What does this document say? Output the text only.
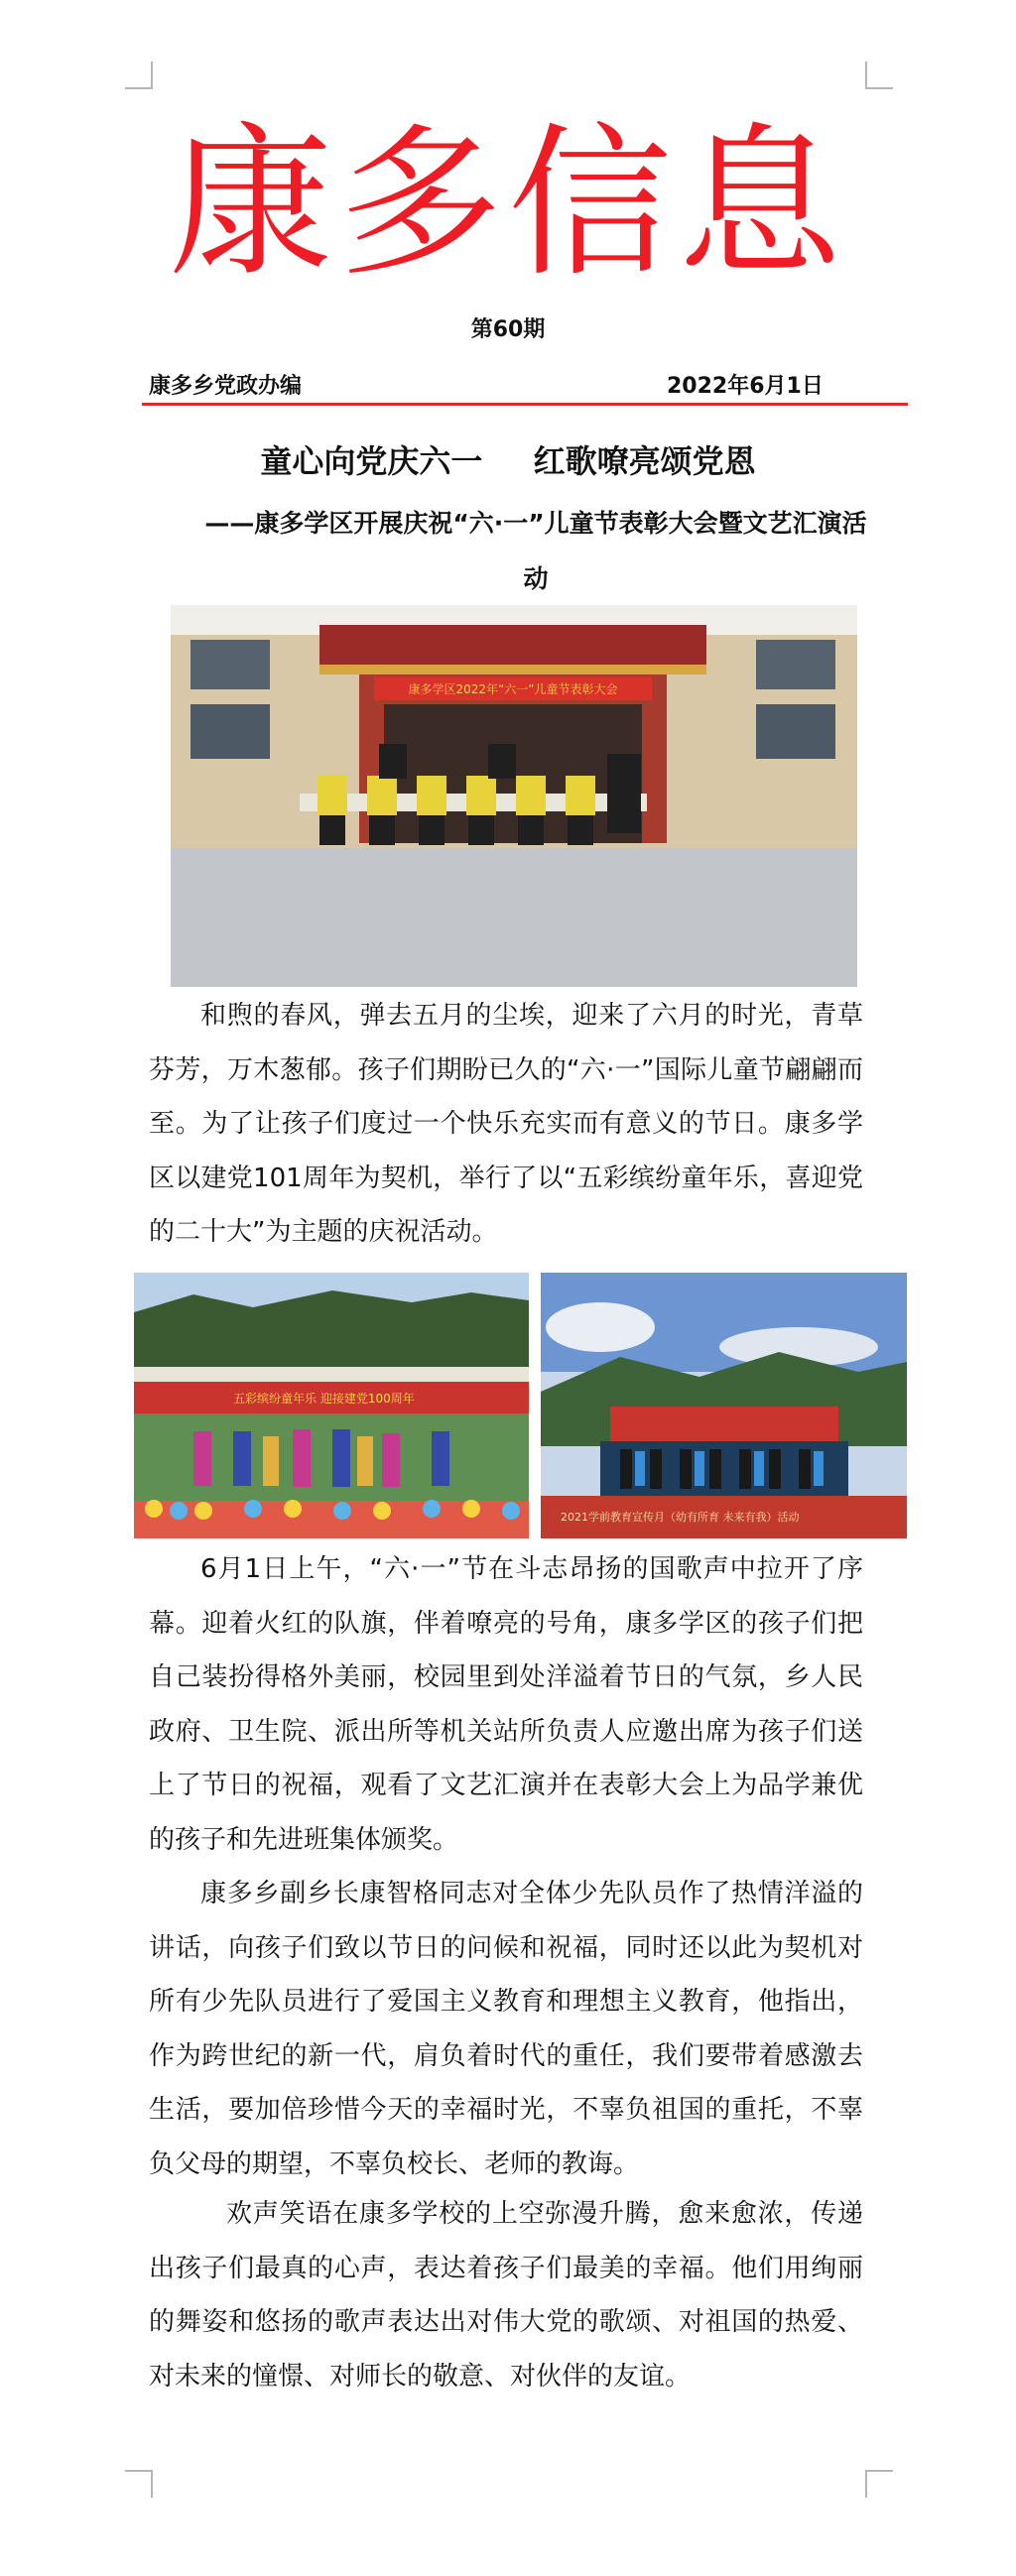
康多信息
第60期
康多乡党政办编	2022年6月1日
童心向党庆六一 红歌嘹亮颂党恩
——康多学区开展庆祝“六·一”儿童节表彰大会暨文艺汇演活动
康多学区2022年“六一”儿童节表彰大会

和煦的春风，弹去五月的尘埃，迎来了六月的时光，青草芬芳，万木葱郁。孩子们期盼已久的“六·一”国际儿童节翩翩而至。为了让孩子们度过一个快乐充实而有意义的节日。康多学区以建党101周年为契机，举行了以“五彩缤纷童年乐，喜迎党的二十大”为主题的庆祝活动。

五彩缤纷童年乐 迎接建党100周年
2021学前教育宣传月（幼有所育 未来有我）活动

6月1日上午，“六·一”节在斗志昂扬的国歌声中拉开了序幕。迎着火红的队旗，伴着嘹亮的号角，康多学区的孩子们把自己装扮得格外美丽，校园里到处洋溢着节日的气氛，乡人民政府、卫生院、派出所等机关站所负责人应邀出席为孩子们送上了节日的祝福，观看了文艺汇演并在表彰大会上为品学兼优的孩子和先进班集体颁奖。

康多乡副乡长康智格同志对全体少先队员作了热情洋溢的讲话，向孩子们致以节日的问候和祝福，同时还以此为契机对所有少先队员进行了爱国主义教育和理想主义教育，他指出，作为跨世纪的新一代，肩负着时代的重任，我们要带着感激去生活，要加倍珍惜今天的幸福时光，不辜负祖国的重托，不辜负父母的期望，不辜负校长、老师的教诲。

欢声笑语在康多学校的上空弥漫升腾，愈来愈浓，传递出孩子们最真的心声，表达着孩子们最美的幸福。他们用绚丽的舞姿和悠扬的歌声表达出对伟大党的歌颂、对祖国的热爱、对未来的憧憬、对师长的敬意、对伙伴的友谊。
